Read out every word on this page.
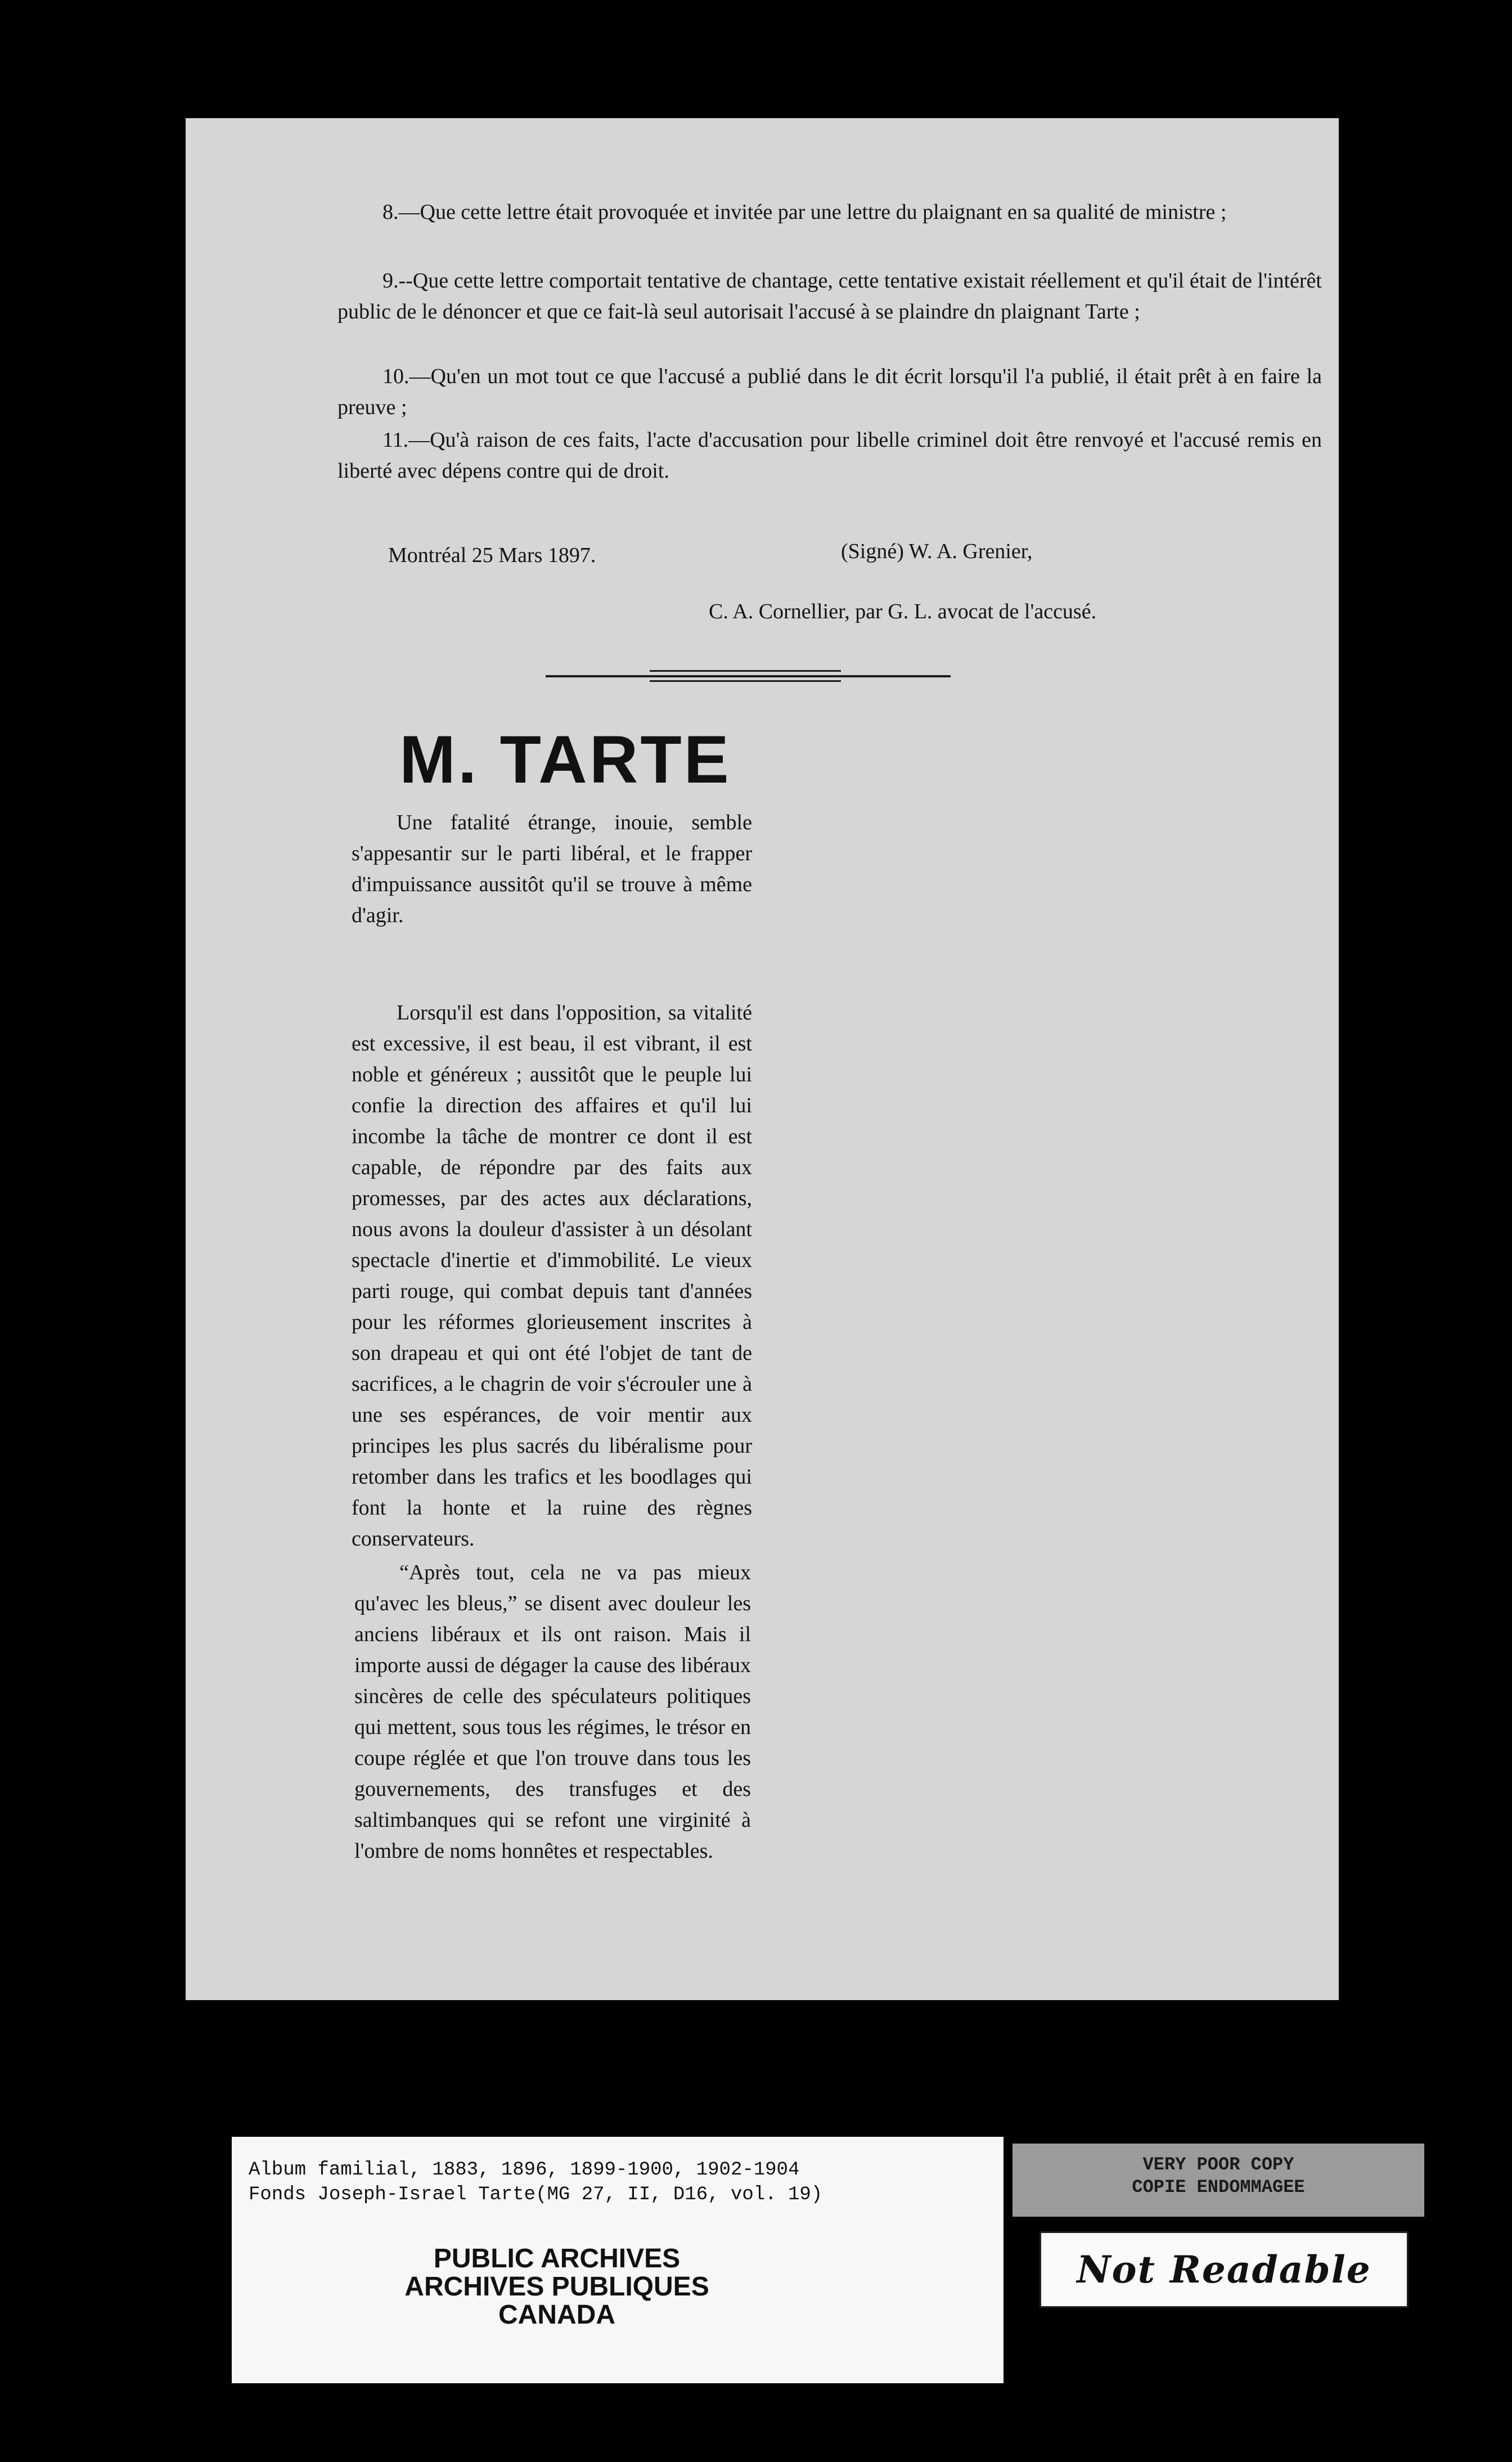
8.—Que cette lettre était provoquée et invitée par une lettre du plaignant en sa qualité de ministre ;

9.--Que cette lettre comportait tentative de chantage, cette tentative existait réellement et qu'il était de l'intérêt public de le dénoncer et que ce fait-là seul autorisait l'accusé à se plaindre dn plaignant Tarte ;

10.—Qu'en un mot tout ce que l'accusé a publié dans le dit écrit lorsqu'il l'a publié, il était prêt à en faire la preuve ;

11.—Qu'à raison de ces faits, l'acte d'accusation pour libelle criminel doit être renvoyé et l'accusé remis en liberté avec dépens contre qui de droit.

Montréal 25 Mars 1897.	(Signé) W. A. Grenier,

C. A. Cornellier, par G. L. avocat de l'accusé.

M. TARTE

Une fatalité étrange, inouie, semble s'appesantir sur le parti libéral, et le frapper d'impuissance aussitôt qu'il se trouve à même d'agir.

Lorsqu'il est dans l'opposition, sa vitalité est excessive, il est beau, il est vibrant, il est noble et généreux ; aussitôt que le peuple lui confie la direction des affaires et qu'il lui incombe la tâche de montrer ce dont il est capable, de répondre par des faits aux promesses, par des actes aux déclarations, nous avons la douleur d'assister à un désolant spectacle d'inertie et d'immobilité. Le vieux parti rouge, qui combat depuis tant d'années pour les réformes glorieusement inscrites à son drapeau et qui ont été l'objet de tant de sacrifices, a le chagrin de voir s'écrouler une à une ses espérances, de voir mentir aux principes les plus sacrés du libéralisme pour retomber dans les trafics et les boodlages qui font la honte et la ruine des règnes conservateurs.

“Après tout, cela ne va pas mieux qu'avec les bleus,” se disent avec douleur les anciens libéraux et ils ont raison. Mais il importe aussi de dégager la cause des libéraux sincères de celle des spéculateurs politiques qui mettent, sous tous les régimes, le trésor en coupe réglée et que l'on trouve dans tous les gouvernements, des transfuges et des saltimbanques qui se refont une virginité à l'ombre de noms honnêtes et respectables.

Album familial, 1883, 1896, 1899-1900, 1902-1904

Fonds Joseph-Israel Tarte(MG 27, II, D16, vol. 19)

PUBLIC ARCHIVES
ARCHIVES PUBLIQUES
CANADA

VERY POOR COPY

COPIE ENDOMMAGEE

Not Readable
